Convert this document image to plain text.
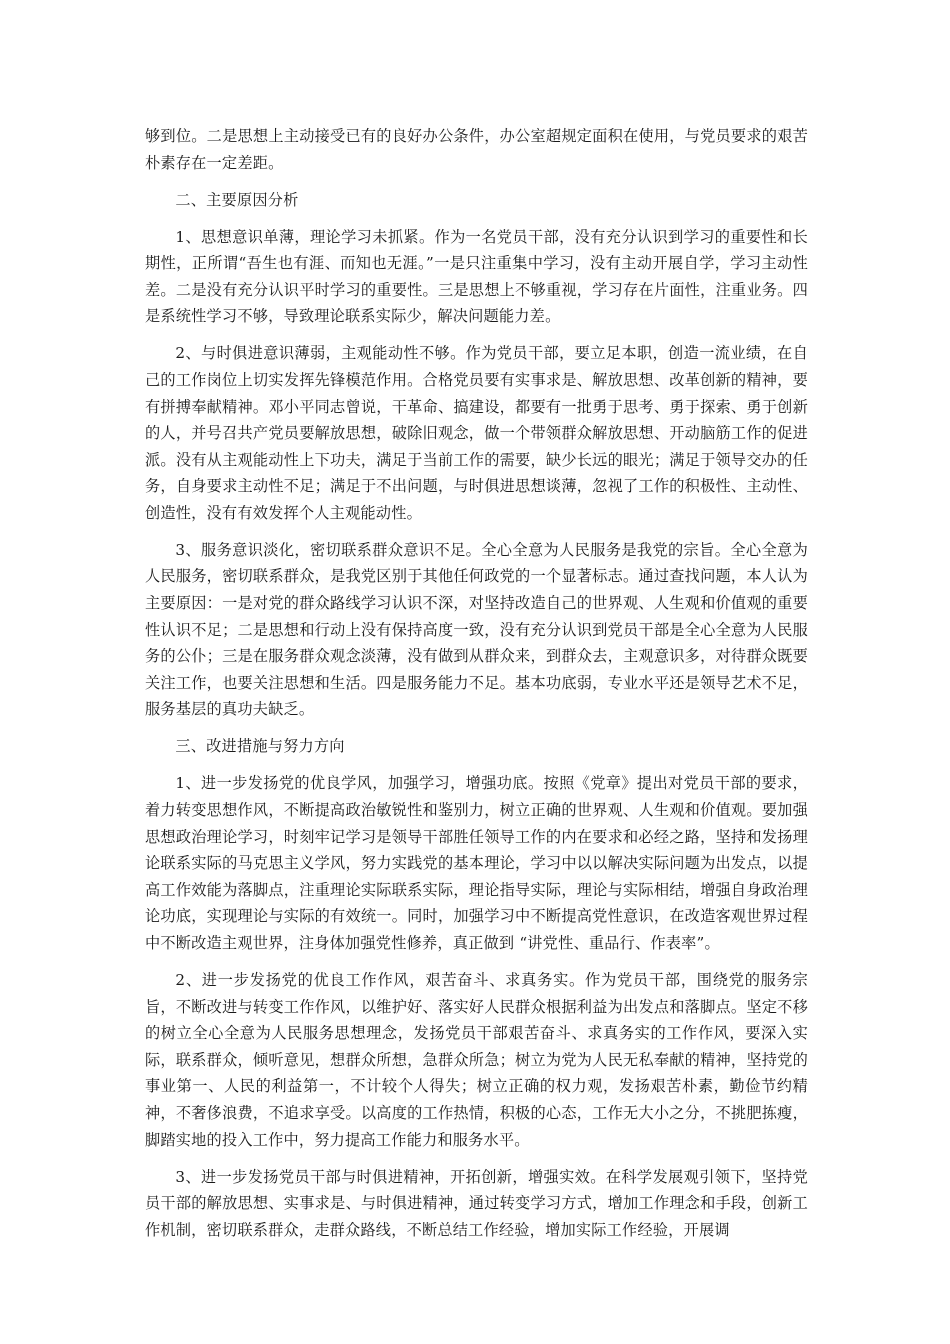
够到位。二是思想上主动接受已有的良好办公条件，办公室超规定面积在使用，与党员要求的艰苦朴素存在一定差距。

二、主要原因分析

1、思想意识单薄，理论学习未抓紧。作为一名党员干部，没有充分认识到学习的重要性和长期性，正所谓“吾生也有涯、而知也无涯。”一是只注重集中学习，没有主动开展自学，学习主动性差。二是没有充分认识平时学习的重要性。三是思想上不够重视，学习存在片面性，注重业务。四是系统性学习不够，导致理论联系实际少，解决问题能力差。

2、与时俱进意识薄弱，主观能动性不够。作为党员干部，要立足本职，创造一流业绩，在自己的工作岗位上切实发挥先锋模范作用。合格党员要有实事求是、解放思想、改革创新的精神，要有拼搏奉献精神。邓小平同志曾说，干革命、搞建设，都要有一批勇于思考、勇于探索、勇于创新的人，并号召共产党员要解放思想，破除旧观念，做一个带领群众解放思想、开动脑筋工作的促进派。没有从主观能动性上下功夫，满足于当前工作的需要，缺少长远的眼光；满足于领导交办的任务，自身要求主动性不足；满足于不出问题，与时俱进思想谈薄，忽视了工作的积极性、主动性、创造性，没有有效发挥个人主观能动性。

3、服务意识淡化，密切联系群众意识不足。全心全意为人民服务是我党的宗旨。全心全意为人民服务，密切联系群众，是我党区别于其他任何政党的一个显著标志。通过查找问题，本人认为主要原因：一是对党的群众路线学习认识不深，对坚持改造自己的世界观、人生观和价值观的重要性认识不足；二是思想和行动上没有保持高度一致，没有充分认识到党员干部是全心全意为人民服务的公仆；三是在服务群众观念淡薄，没有做到从群众来，到群众去，主观意识多，对待群众既要关注工作，也要关注思想和生活。四是服务能力不足。基本功底弱，专业水平还是领导艺术不足，服务基层的真功夫缺乏。

三、改进措施与努力方向

1、进一步发扬党的优良学风，加强学习，增强功底。按照《党章》提出对党员干部的要求，着力转变思想作风，不断提高政治敏锐性和鉴别力，树立正确的世界观、人生观和价值观。要加强思想政治理论学习，时刻牢记学习是领导干部胜任领导工作的内在要求和必经之路，坚持和发扬理论联系实际的马克思主义学风，努力实践党的基本理论，学习中以以解决实际问题为出发点，以提高工作效能为落脚点，注重理论实际联系实际，理论指导实际，理论与实际相结，增强自身政治理论功底，实现理论与实际的有效统一。同时，加强学习中不断提高党性意识，在改造客观世界过程中不断改造主观世界，注身体加强党性修养，真正做到 “讲党性、重品行、作表率”。

2、进一步发扬党的优良工作作风，艰苦奋斗、求真务实。作为党员干部，围绕党的服务宗旨，不断改进与转变工作作风，以维护好、落实好人民群众根据利益为出发点和落脚点。坚定不移的树立全心全意为人民服务思想理念，发扬党员干部艰苦奋斗、求真务实的工作作风，要深入实际，联系群众，倾听意见，想群众所想，急群众所急；树立为党为人民无私奉献的精神，坚持党的事业第一、人民的利益第一，不计较个人得失；树立正确的权力观，发扬艰苦朴素，勤俭节约精神，不奢侈浪费，不追求享受。以高度的工作热情，积极的心态，工作无大小之分，不挑肥拣瘦，脚踏实地的投入工作中，努力提高工作能力和服务水平。

3、进一步发扬党员干部与时俱进精神，开拓创新，增强实效。在科学发展观引领下，坚持党员干部的解放思想、实事求是、与时俱进精神，通过转变学习方式，增加工作理念和手段，创新工作机制，密切联系群众，走群众路线，不断总结工作经验，增加实际工作经验，开展调
